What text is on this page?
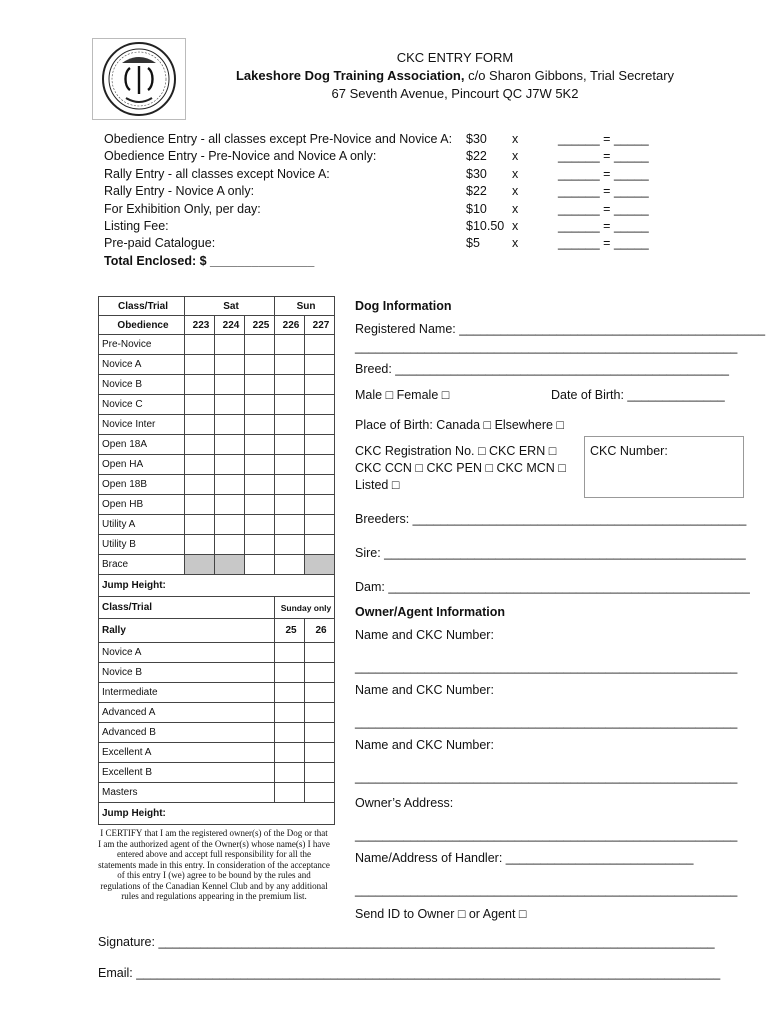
CKC ENTRY FORM
Lakeshore Dog Training Association, c/o Sharon Gibbons, Trial Secretary
67 Seventh Avenue, Pincourt QC J7W 5K2
Obedience Entry - all classes except Pre-Novice and Novice A: $30 x	______ = _____
Obedience Entry - Pre-Novice and Novice A only:	$22 x	______ = _____
Rally Entry - all classes except Novice A:	$30 x	______ = _____
Rally Entry - Novice A only:	$22 x	______ = _____
For Exhibition Only, per day:	$10 x	______ = _____
Listing Fee:	$10.50 x	______ = _____
Pre-paid Catalogue:	$5	x	______ = _____
Total Enclosed: $ _______________
Class/Trial	Sat			Sun	
Obedience	223	224	225	226	227
Pre-Novice					
Novice A					
Novice B					
Novice C					
Novice Inter					
Open 18A					
Open HA					
Open 18B					
Open HB					
Utility A					
Utility B					
Brace					
Jump Height:					
Class/Trial	Sunday only	
Rally	25	26
Novice A		
Novice B		
Intermediate		
Advanced A		
Advanced B		
Excellent A		
Excellent B		
Masters		
Jump Height:		
I CERTIFY that I am the registered owner(s) of the Dog or that I am the authorized agent of the Owner(s) whose name(s) I have entered above and accept full responsibility for all the statements made in this entry. In consideration of the acceptance of this entry I (we) agree to be bound by the rules and regulations of the Canadian Kennel Club and by any additional rules and regulations appearing in the premium list.
Dog Information
Registered Name: ____________________________________________
_______________________________________________________
Breed: ________________________________________________
Male □ Female □	Date of Birth: ______________
Place of Birth: Canada □ Elsewhere □
CKC Registration No. □ CKC ERN □
CKC CCN □ CKC PEN □ CKC MCN □
Listed □
CKC Number:
Breeders: ________________________________________________
Sire: ____________________________________________________
Dam: ____________________________________________________
Owner/Agent Information
Name and CKC Number:
_______________________________________________________
Name and CKC Number:
_______________________________________________________
Name and CKC Number:
_______________________________________________________
Owner’s Address:
_______________________________________________________
Name/Address of Handler: ___________________________
_______________________________________________________
Send ID to Owner □ or Agent □
Signature: ________________________________________________________________________________
Email: ____________________________________________________________________________________
